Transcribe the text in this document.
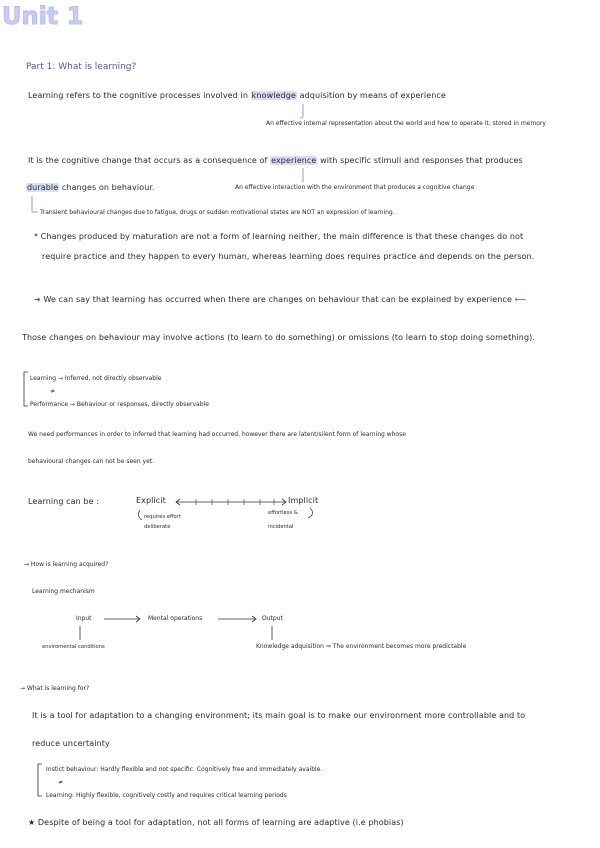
Unit 1
Part 1: What is learning?
Learning refers to the cognitive processes involved in knowledge adquisition by means of experience
An effective internal representation about the world and how to operate it, stored in memory
It is the cognitive change that occurs as a consequence of experience with specific stimuli and responses that produces
durable changes on behaviour.	An effective interaction with the environment that produces a cognitive change
Transient behavioural changes due to fatigue, drugs or sudden motivational states are NOT an expression of learning.
* Changes produced by maturation are not a form of learning neither, the main difference is that these changes do not
require practice and they happen to every human, whereas learning does requires practice and depends on the person.
➜ We can say that learning has occurred when there are changes on behaviour that can be explained by experience ⟵
Those changes on behaviour may involve actions (to learn to do something) or omissions (to learn to stop doing something).
Learning → Inferred, not directly observable
≠
Performance → Behaviour or responses, directly observable
We need performances in order to inferred that learning had occurred, however there are latent/silent form of learning whose
behavioural changes can not be seen yet.
Learning can be :	Explicit	Implicit
requires effort
deliberate
effortless &
incidental
→ How is learning acquired?
Learning mechanism
Input	Mental operations	Output
enviromental conditions	Knowledge adquisition ⇒ The environment becomes more predictable
→ What is learning for?
It is a tool for adaptation to a changing environment; its main goal is to make our environment more controllable and to
reduce uncertainty
Instict behaviour: Hardly flexible and not specific. Cognitively free and immediately avaible.
≠
Learning: Highly flexible, cognitively costly and requires critical learning periods
★ Despite of being a tool for adaptation, not all forms of learning are adaptive (i.e phobias)
